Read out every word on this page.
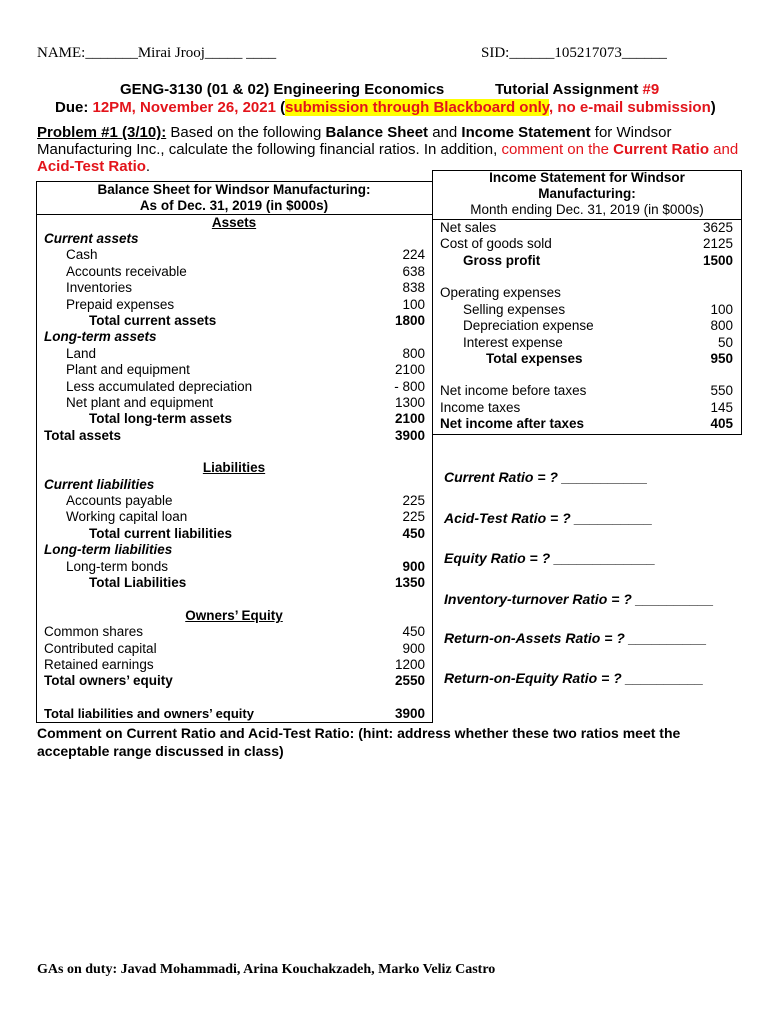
NAME:_______Mirai Jrooj_____ ____	SID:______105217073______
GENG-3130 (01 & 02) Engineering Economics	Tutorial Assignment #9
Due: 12PM, November 26, 2021 (submission through Blackboard only, no e-mail submission)
Problem #1 (3/10): Based on the following Balance Sheet and Income Statement for Windsor
Manufacturing Inc., calculate the following financial ratios. In addition, comment on the Current Ratio and
Acid-Test Ratio.
Balance Sheet for Windsor Manufacturing:
As of Dec. 31, 2019 (in $000s)
Assets
Current assets
Cash	224
Accounts receivable	638
Inventories	838
Prepaid expenses	100
Total current assets	1800
Long-term assets
Land	800
Plant and equipment	2100
Less accumulated depreciation	- 800
Net plant and equipment	1300
Total long-term assets	2100
Total assets	3900
Liabilities
Current liabilities
Accounts payable	225
Working capital loan	225
Total current liabilities	450
Long-term liabilities
Long-term bonds	900
Total Liabilities	1350
Owners’ Equity
Common shares	450
Contributed capital	900
Retained earnings	1200
Total owners’ equity	2550
Total liabilities and owners’ equity	3900
Income Statement for Windsor
Manufacturing:
Month ending Dec. 31, 2019 (in $000s)
Net sales	3625
Cost of goods sold	2125
Gross profit	1500
Operating expenses
Selling expenses	100
Depreciation expense	800
Interest expense	50
Total expenses	950
Net income before taxes	550
Income taxes	145
Net income after taxes	405
Current Ratio = ? ___________
Acid-Test Ratio = ? __________
Equity Ratio = ? _____________
Inventory-turnover Ratio = ? __________
Return-on-Assets Ratio = ? __________
Return-on-Equity Ratio = ? __________
Comment on Current Ratio and Acid-Test Ratio: (hint: address whether these two ratios meet the
acceptable range discussed in class)
GAs on duty: Javad Mohammadi, Arina Kouchakzadeh, Marko Veliz Castro
